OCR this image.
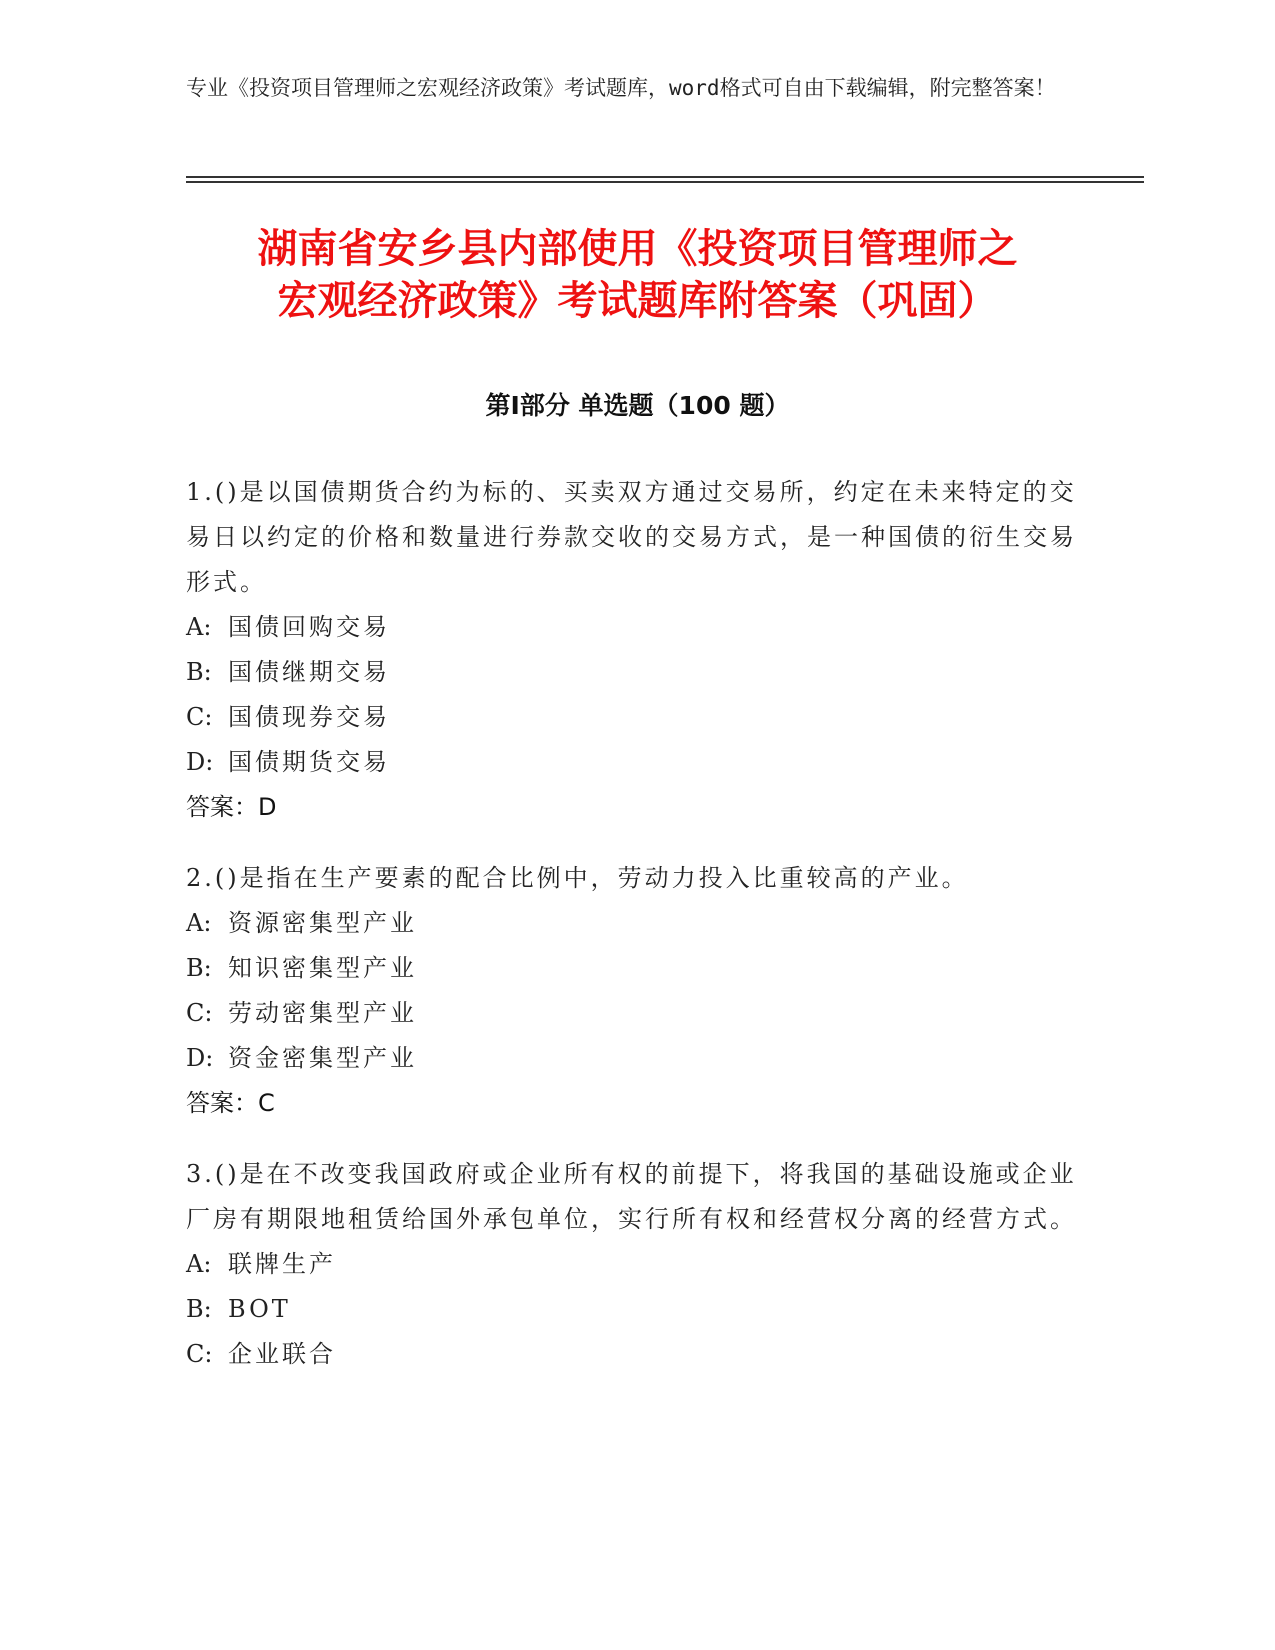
专业《投资项目管理师之宏观经济政策》考试题库，word格式可自由下载编辑，附完整答案！
湖南省安乡县内部使用《投资项目管理师之
宏观经济政策》考试题库附答案（巩固）
第Ⅰ部分 单选题（100 题）
1.()是以国债期货合约为标的、买卖双方通过交易所，约定在未来特定的交易日以约定的价格和数量进行券款交收的交易方式，是一种国债的衍生交易形式。
A: 国债回购交易
B: 国债继期交易
C: 国债现券交易
D: 国债期货交易
答案：D
2.()是指在生产要素的配合比例中，劳动力投入比重较高的产业。
A: 资源密集型产业
B: 知识密集型产业
C: 劳动密集型产业
D: 资金密集型产业
答案：C
3.()是在不改变我国政府或企业所有权的前提下，将我国的基础设施或企业厂房有期限地租赁给国外承包单位，实行所有权和经营权分离的经营方式。
A: 联牌生产
B: BOT
C: 企业联合
